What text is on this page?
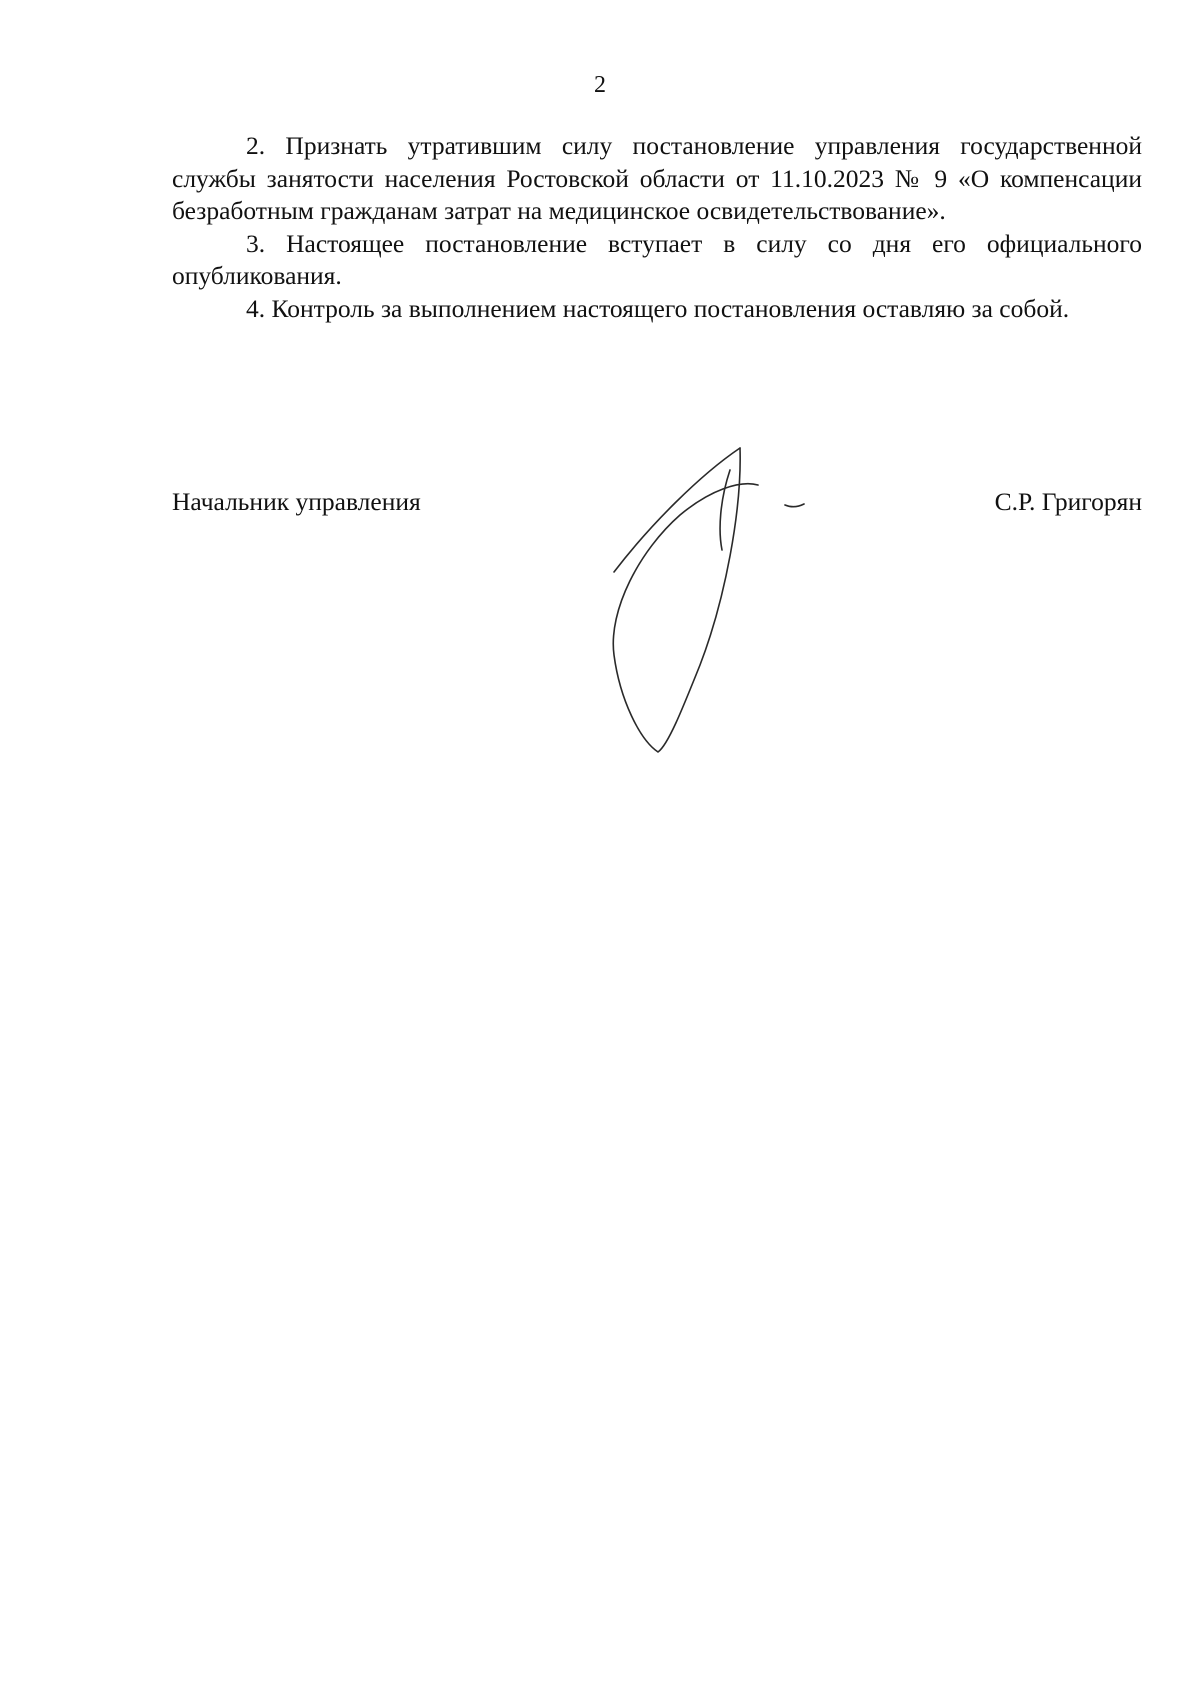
2

2. Признать утратившим силу постановление управления государственной службы занятости населения Ростовской области от 11.10.2023 № 9 «О компенсации безработным гражданам затрат на медицинское освидетельствование».

3. Настоящее постановление вступает в силу со дня его официального опубликования.

4. Контроль за выполнением настоящего постановления оставляю за собой.

Начальник управления	С.Р. Григорян
